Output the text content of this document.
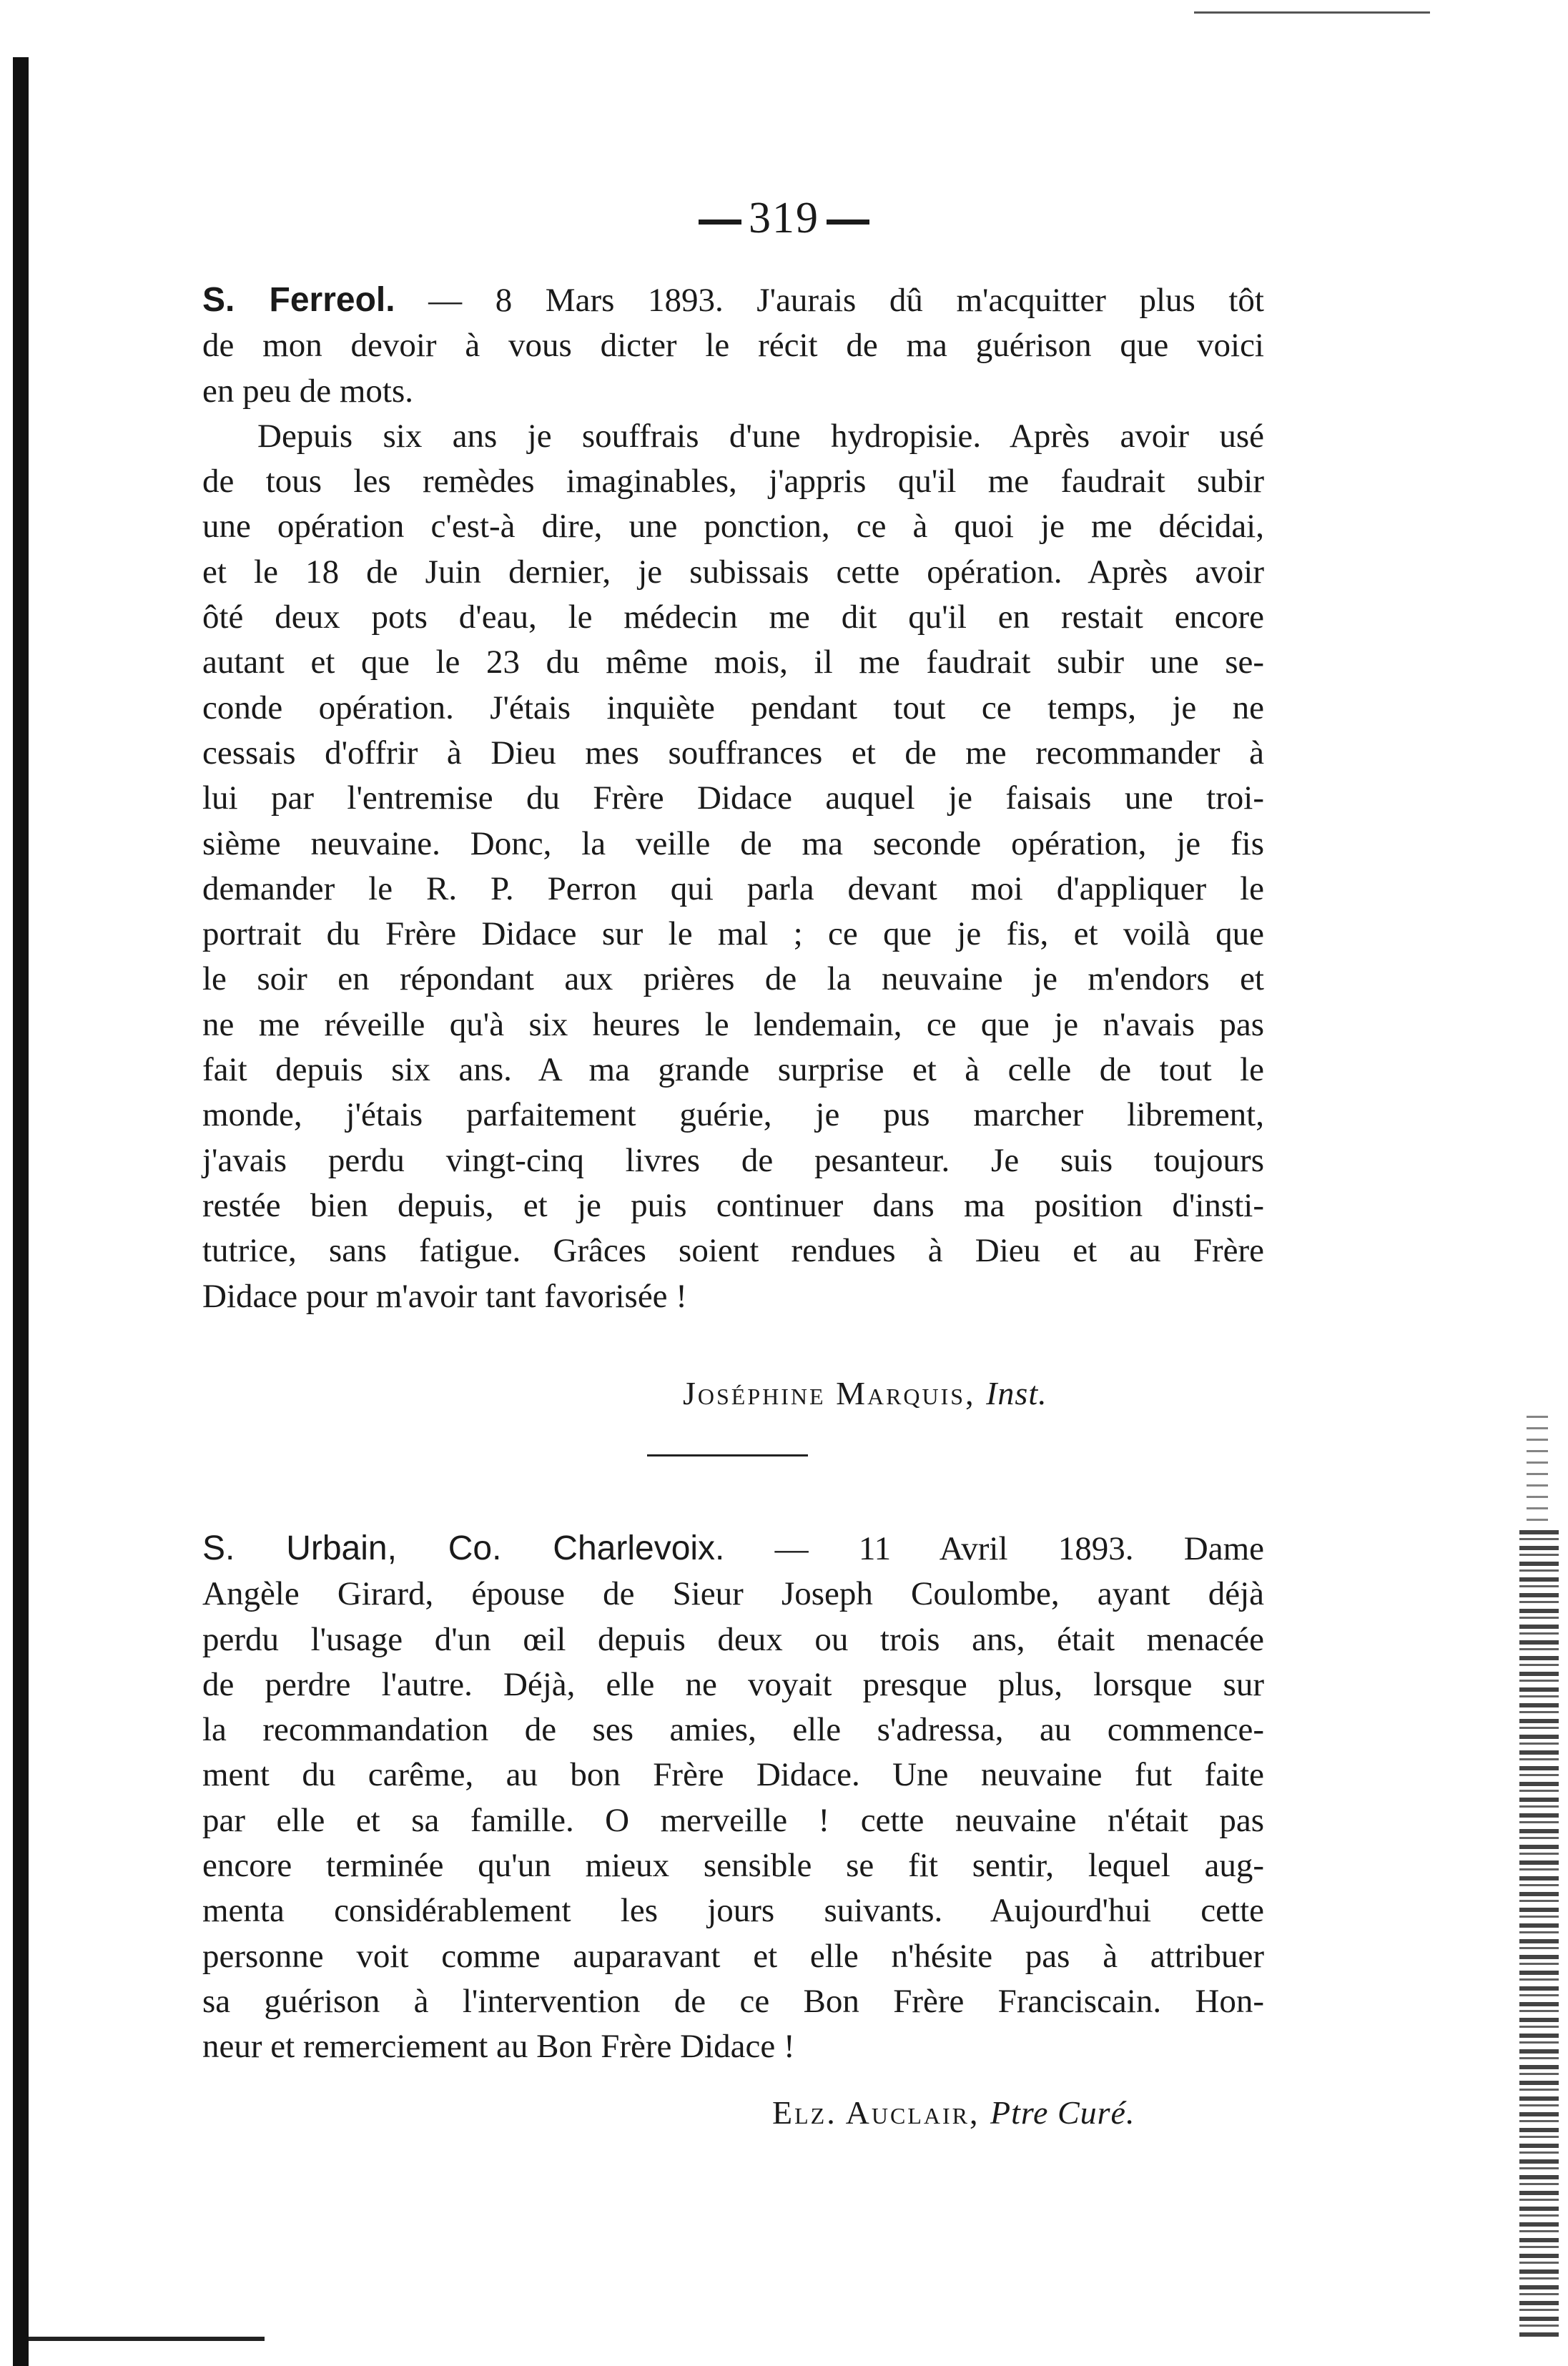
319

S. Ferreol. — 8 Mars 1893. J'aurais dû m'acquitter plus tôt

de mon devoir à vous dicter le récit de ma guérison que voici

en peu de mots.

Depuis six ans je souffrais d'une hydropisie. Après avoir usé

de tous les remèdes imaginables, j'appris qu'il me faudrait subir

une opération c'est-à dire, une ponction, ce à quoi je me décidai,

et le 18 de Juin dernier, je subissais cette opération. Après avoir

ôté deux pots d'eau, le médecin me dit qu'il en restait encore

autant et que le 23 du même mois, il me faudrait subir une se-

conde opération. J'étais inquiète pendant tout ce temps, je ne

cessais d'offrir à Dieu mes souffrances et de me recommander à

lui par l'entremise du Frère Didace auquel je faisais une troi-

sième neuvaine. Donc, la veille de ma seconde opération, je fis

demander le R. P. Perron qui parla devant moi d'appliquer le

portrait du Frère Didace sur le mal ; ce que je fis, et voilà que

le soir en répondant aux prières de la neuvaine je m'endors et

ne me réveille qu'à six heures le lendemain, ce que je n'avais pas

fait depuis six ans. A ma grande surprise et à celle de tout le

monde, j'étais parfaitement guérie, je pus marcher librement,

j'avais perdu vingt-cinq livres de pesanteur. Je suis toujours

restée bien depuis, et je puis continuer dans ma position d'insti-

tutrice, sans fatigue. Grâces soient rendues à Dieu et au Frère

Didace pour m'avoir tant favorisée !

Joséphine Marquis, Inst.

S. Urbain, Co. Charlevoix. — 11 Avril 1893. Dame

Angèle Girard, épouse de Sieur Joseph Coulombe, ayant déjà

perdu l'usage d'un œil depuis deux ou trois ans, était menacée

de perdre l'autre. Déjà, elle ne voyait presque plus, lorsque sur

la recommandation de ses amies, elle s'adressa, au commence-

ment du carême, au bon Frère Didace. Une neuvaine fut faite

par elle et sa famille. O merveille ! cette neuvaine n'était pas

encore terminée qu'un mieux sensible se fit sentir, lequel aug-

menta considérablement les jours suivants. Aujourd'hui cette

personne voit comme auparavant et elle n'hésite pas à attribuer

sa guérison à l'intervention de ce Bon Frère Franciscain. Hon-

neur et remerciement au Bon Frère Didace !

Elz. Auclair, Ptre Curé.
